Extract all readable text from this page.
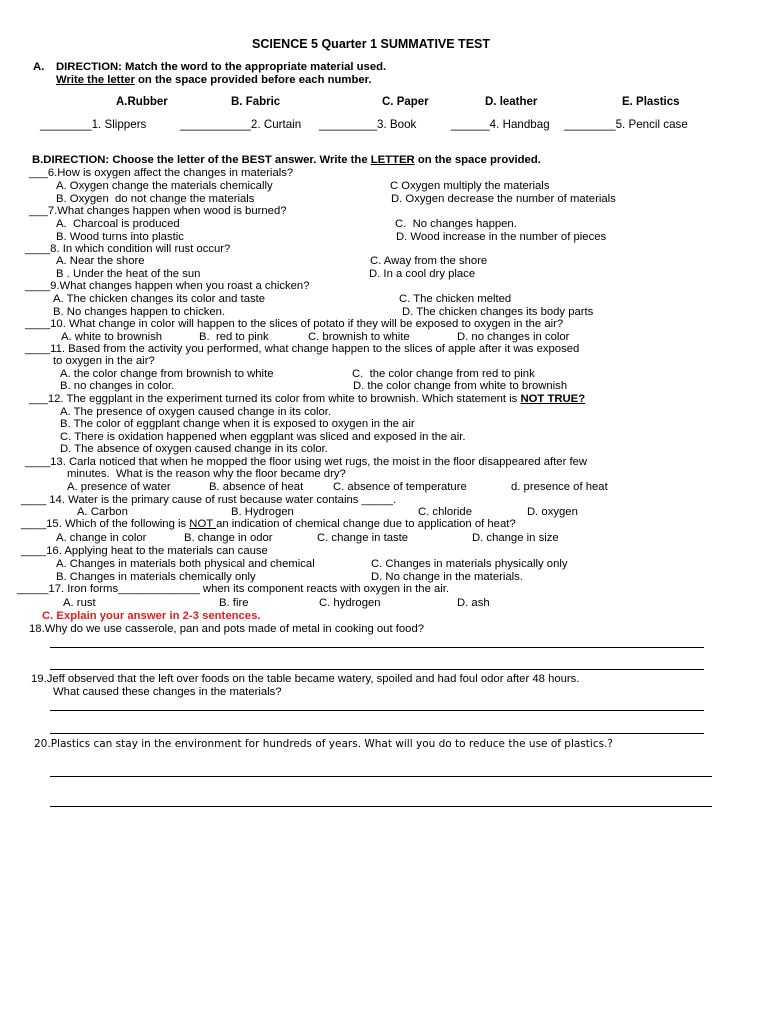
SCIENCE 5 Quarter 1 SUMMATIVE TEST
A. DIRECTION: Match the word to the appropriate material used.
Write the letter on the space provided before each number.
A.Rubber	B. Fabric	C. Paper	D. leather	E. Plastics
________1. Slippers	___________2. Curtain _________3. Book	______4. Handbag ________5. Pencil case
B.DIRECTION: Choose the letter of the BEST answer. Write the LETTER on the space provided.
___6.How is oxygen affect the changes in materials?
A. Oxygen change the materials chemically	C Oxygen multiply the materials
B. Oxygen  do not change the materials	D. Oxygen decrease the number of materials
___7.What changes happen when wood is burned?
A.  Charcoal is produced	C.  No changes happen.
B. Wood turns into plastic	D. Wood increase in the number of pieces
____8. In which condition will rust occur?
A. Near the shore	C. Away from the shore
B . Under the heat of the sun	D. In a cool dry place
____9.What changes happen when you roast a chicken?
A. The chicken changes its color and taste	C. The chicken melted
B. No changes happen to chicken.	D. The chicken changes its body parts
____10. What change in color will happen to the slices of potato if they will be exposed to oxygen in the air?
A. white to brownish	B.  red to pink	C. brownish to white	D. no changes in color
____11. Based from the activity you performed, what change happen to the slices of apple after it was exposed
to oxygen in the air?
A. the color change from brownish to white	C.  the color change from red to pink
B. no changes in color.	D. the color change from white to brownish
___12. The eggplant in the experiment turned its color from white to brownish. Which statement is NOT TRUE?
A. The presence of oxygen caused change in its color.
B. The color of eggplant change when it is exposed to oxygen in the air
C. There is oxidation happened when eggplant was sliced and exposed in the air.
D. The absence of oxygen caused change in its color.
____13. Carla noticed that when he mopped the floor using wet rugs, the moist in the floor disappeared after few
minutes.  What is the reason why the floor became dry?
A. presence of water	B. absence of heat	C. absence of temperature	d. presence of heat
____ 14. Water is the primary cause of rust because water contains _____.
A. Carbon	B. Hydrogen	C. chloride	D. oxygen
____15. Which of the following is NOT an indication of chemical change due to application of heat?
A. change in color	B. change in odor	C. change in taste	D. change in size
____16. Applying heat to the materials can cause
A. Changes in materials both physical and chemical	C. Changes in materials physically only
B. Changes in materials chemically only	D. No change in the materials.
_____17. Iron forms_____________ when its component reacts with oxygen in the air.
A. rust	B. fire	C. hydrogen	D. ash
C. Explain your answer in 2-3 sentences.
18.Why do we use casserole, pan and pots made of metal in cooking out food?
19.Jeff observed that the left over foods on the table became watery, spoiled and had foul odor after 48 hours.
What caused these changes in the materials?
20.Plastics can stay in the environment for hundreds of years. What will you do to reduce the use of plastics.?
